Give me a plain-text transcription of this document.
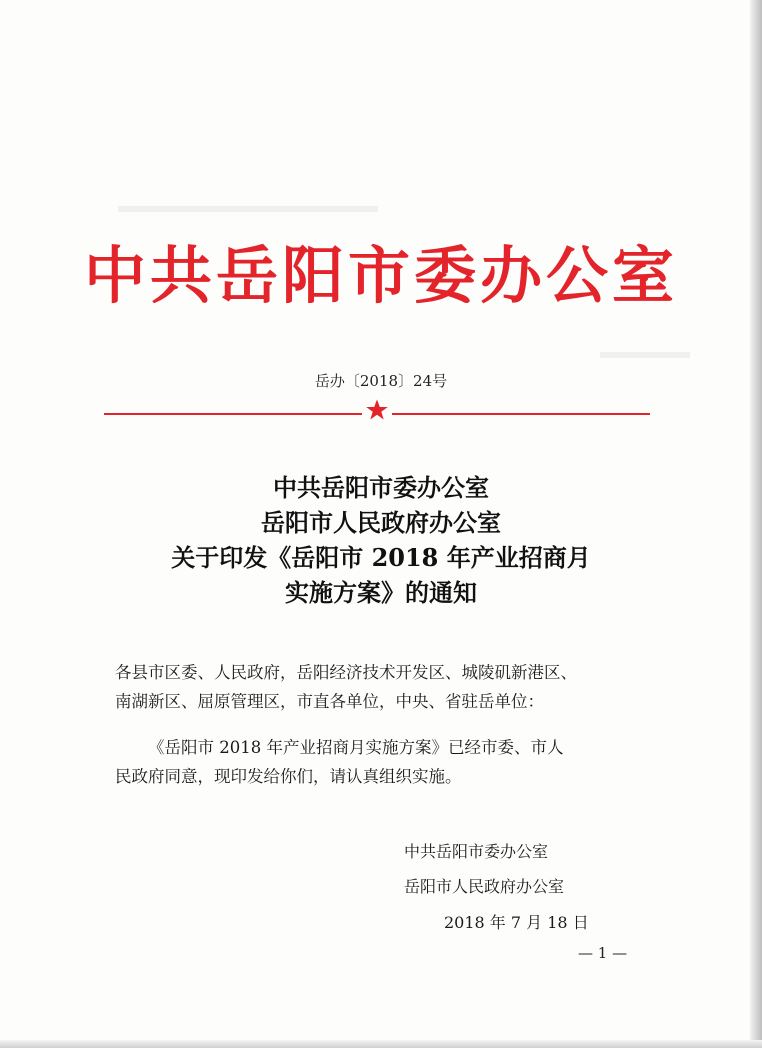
中共岳阳市委办公室
岳办〔2018〕24号
中共岳阳市委办公室
岳阳市人民政府办公室
关于印发《岳阳市 2018 年产业招商月
实施方案》的通知

各县市区委、人民政府，岳阳经济技术开发区、城陵矶新港区、

南湖新区、屈原管理区，市直各单位，中央、省驻岳单位：

《岳阳市 2018 年产业招商月实施方案》已经市委、市人

民政府同意，现印发给你们，请认真组织实施。

中共岳阳市委办公室
岳阳市人民政府办公室
2018 年 7 月 18 日
— 1 —
